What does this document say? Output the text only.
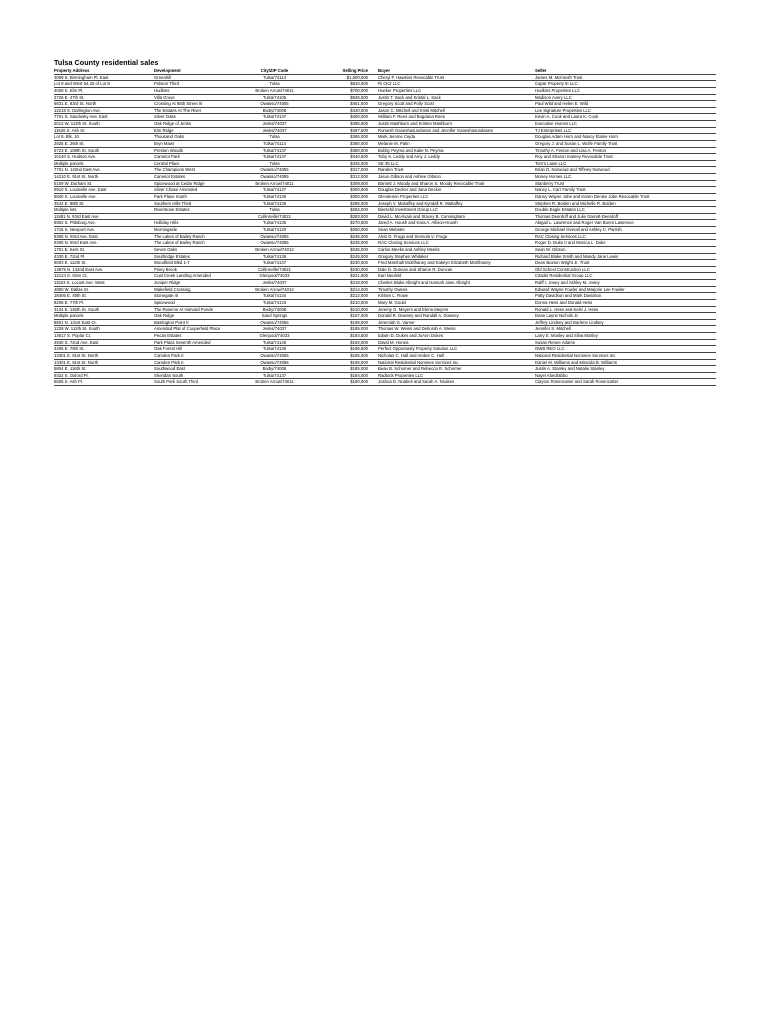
Tulsa County residential sales
Property Address	Development	City/ZIP Code	Selling Price		Buyer	Seller
3009 S. Birmingham Pl. East	Greenhill	Tulsa/74114	$1,500,000		Cheryl P. Hawkins Revocable Trust	James M. McIntosh Trust
Lot 9 and West 54.25 of Lot 8	Polston Third	Tulsa	$810,000		Ri CK2 LLC	Capar Property III LLC
4008 S. Elm Pl.	Hudkins	Broken Arrow/74011	$700,000		Hueker Properties LLC	Hudkins Properties LLC
2726 E. 47th St.	Villa Grove	Tulsa/74105	$526,500		Justin T. Sack and Kristal L. Sack	Madison Avery LLC
6631 E. 83rd St. North	Crossing At 86th Street III	Owasso/74055	$451,000		Gregory Scott and Polly Scott	Paul Wild and Helen E. Wild
12216 S. Darlington Ave.	The Estates At The River	Bixby/74008	$420,000		Jason C. Mitchell and Kristi Mitchell	Lee Signature Properties LLC
7701 S. Sandusky Ave. East	Silver Oaks	Tulsa/74137	$400,000		William F. Rees and Bogdana Rees	Kevin A. Cook and Laura K. Cook
2012 W. 113th St. South	Oak Ridge of Jenks	Jenks/74037	$395,500		Justin Mashburn and Kristen Mashburn	Executive Homes LLC
11526 S. Ash St.	Elm Ridge	Jenks/74037	$367,500		Romesh Ganeshasundaram and Jennifer Ganeshasundaram	TJ Enterprises LLC
Lot 8, Blk. 10	Thousand Oaks	Tulsa	$365,000		Mark Jerome Cejda	Douglas Adam Horn and Nancy Elaine Horn
2825 E. 26th St.	Bryn Mawr	Tulsa/74114	$360,000		Melanie M. Patin	Gregory J. and Susan L. Wolfe Family Trust
5723 E. 109th St. South	Preston Woods	Tulsa/74137	$360,000		Bobby Peyma and Katie N. Peyma	Timothy A. Fenton and Lisa A. Fenton
10140 S. Hudson Ave.	Camelot Park	Tulsa/74137	$340,500		Toby S. Leddy and Amy J. Leddy	Roy and Sharon Inamey Revocable Trust
Multiple parcels	Central Place	Tulsa	$325,000		SE 35 LLC	Tom's Lawn LLC
7701 N. 142nd East Ave.	The Champions West	Owasso/74055	$317,000		Randen Trust	Brian D. Norwood and Tiffiney Norwood
14210 E. 91st St. North	Camelot Estates	Owasso/74055	$312,000		Jason Gibson and Ashlee Gibson	Money Homes LLC
5109 W. Durham St.	Spicewood at Cedar Ridge	Broken Arrow/74011	$309,000		Barnett J. Moody and Sharon S. Moody Revocable Trust	Stanberry Trust
9910 S. Louisville Ave. East	Silver Chase Amended	Tulsa/74137	$300,000		Douglas Decker and Jana Decker	Nancy L. Carr Family Trust
5840 S. Louisville Ave.	Park Place South	Tulsa/74135	$300,000		Glendenen Properties LLC	Danny Wayne Jobe and Karen Denise Jobe Revocable Trust
3542 E. 88th St.	Southern Hills Third	Tulsa/74136	$295,000		Joseph V. Mahaffey and Kyndall R. Mahaffey	Stephen R. Bolden and Michelle R. Bolden
Multiple lots	Riverstone Estates	Tulsa	$284,000		Bierschil Investment Group LLC	Double Eagle Estates LLC
11881 N. 93rd East Ave.		Collinsville/74021	$283,000		David L. McAlvain and Stacey B. Cunningham	Thomas Deerdoff and Julie Garrett-Deerdoff
5902 S. Pittsburg Ave.	Holliday Hills	Tulsa/74135	$270,500		Jared A. Housh and Kara A. Allison-Housh	Abigail L. Lawrence and Roger Van Buren Lawrence
1716 S. Newport Ave.	Morningside	Tulsa/74120	$250,000		Sean Webster	George Michael Overall and Ashley C. Parrish
9305 N. 93rd Ave. East	The Lakes of Bailey Ranch	Owasso/74055	$245,000		Alvin D. Fruga and Sennola V. Fruga	RAC Closing Services LLC
9305 N. 93rd East Ave.	The Lakes of Bailey Ranch	Owasso/74055	$245,000		RAC Closing Services LLC	Roger D. Duke II and Monica L. Duke
1701 E. Kent St.	Seven Oaks	Broken Arrow/74012	$245,000		Carlos Meeks and Ashley Meeks	Sean M. Gibson
4330 E. 72nd Pl.	Southridge Estates	Tulsa/74136	$245,000		Gregory Stephen Whitaker	Richard Blake Smith and Mandy Jane Lewis
6003 E. 112th St.	Woodfield Blkd 1-7	Tulsa/74137	$230,000		Fred Marshall McElhaney and Katelyn Elizabeth McElhaney	Dean Buxton Wright Jr. Trust
13875 N. 132nd East Ave.	Piney Brook	Collinsville/74021	$230,000		Dale D. Duncan and Sharon R. Duncan	Old School Construction LLC
12124 S. Glen Ct.	Coal Creek Landing Amended	Glenpool/74033	$221,500		Kari Neufeld	Citadel Residential Group LLC
11523 S. Locust Ave. West	Juniper Ridge	Jenks/74037	$218,000		Charles Blake Albright and Hannah Jane Albright	Ralff I. Josey and Ashley M. Josey
4800 W. Dallas St.	Wakefield Crossing	Broken Arrow/74012	$214,000		Timothy Owens	Edward Wayne Fowler and Marjorie Lee Fowler
18406 E. 49th St.	Stonegate III	Tulsa/74134	$212,000		Kristen L. Rowe	Patty Davidson and Mark Davidson
8206 E. 77th Pl.	Spicewood	Tulsa/74133	$210,000		Mary M. Gould	Donna Hess and Donald Hess
3134 E. 146th St. South	The Reserve At Harvard Ponds	Bixby/74008	$210,000		Jeremy G. Meyers and Elena Meyers	Ronald L. Hess and Kelsi J. Hess
Multiple parcels	Oak Ridge	Sand Springs	$197,000		Donald R. Downey and Randall A. Downey	Dean Layne Nichols Jr.
8601 N. 131st East Ct.	Bastington Point II	Owasso/74055	$195,000		Jeremiah G. Varner	Jeffrey Lindsey and Darlene Lindsey
1229 W. 112th St. South	Amended Plat of Cooperfield Place	Jenks/74037	$195,000		Thomas W. Weiss and Deborah A. Weiss	Jennifer S. Mitchell
13617 S. Poplar Ct.	Pecan Estates	Glenpool/74033	$193,500		Edwin D. Dukes and JoAnn Dukes	Larry E. Mosley and Silva Mosley
4940 S. 72nd Ave. East	Park Plaza Seventh Amended	Tulsa/74145	$192,000		David M. Honea	Susan Renee Adams
4405 E. 79th St.	Oak Forest Hill	Tulsa/74136	$186,500		Perfect Opportunity Property Solution LLC	OWB REO LLC
13301 E. 91st St. North	Camden Park II	Owasso/74055	$185,000		Nicholas C. Hall and Amber C. Hall	National Residential Nominee Services Inc.
13301 E. 91st St. North	Camden Park II	Owasso/74055	$185,000		National Residential Nominee Services Inc.	Daniel M. Williams and Miranda B. Williams
5804 E. 116th St.	Southwood East	Bixby/74008	$185,000		Beau B. Schorner and Rebecca R. Schorner	Justin A. Stanley and Natalie Stanley
9322 S. Oxford Pl.	Sheridan South	Tulsa/74137	$184,000		Radtock Properties LLC	Nayel Abedrabbo
6505 S. Ash Pl.	South Park South Third	Broken Arrow/74011	$180,000		Joshua D. Noakes and Sarah A. Noakes	Clayton Rosencutter and Sarah Rosencutter
